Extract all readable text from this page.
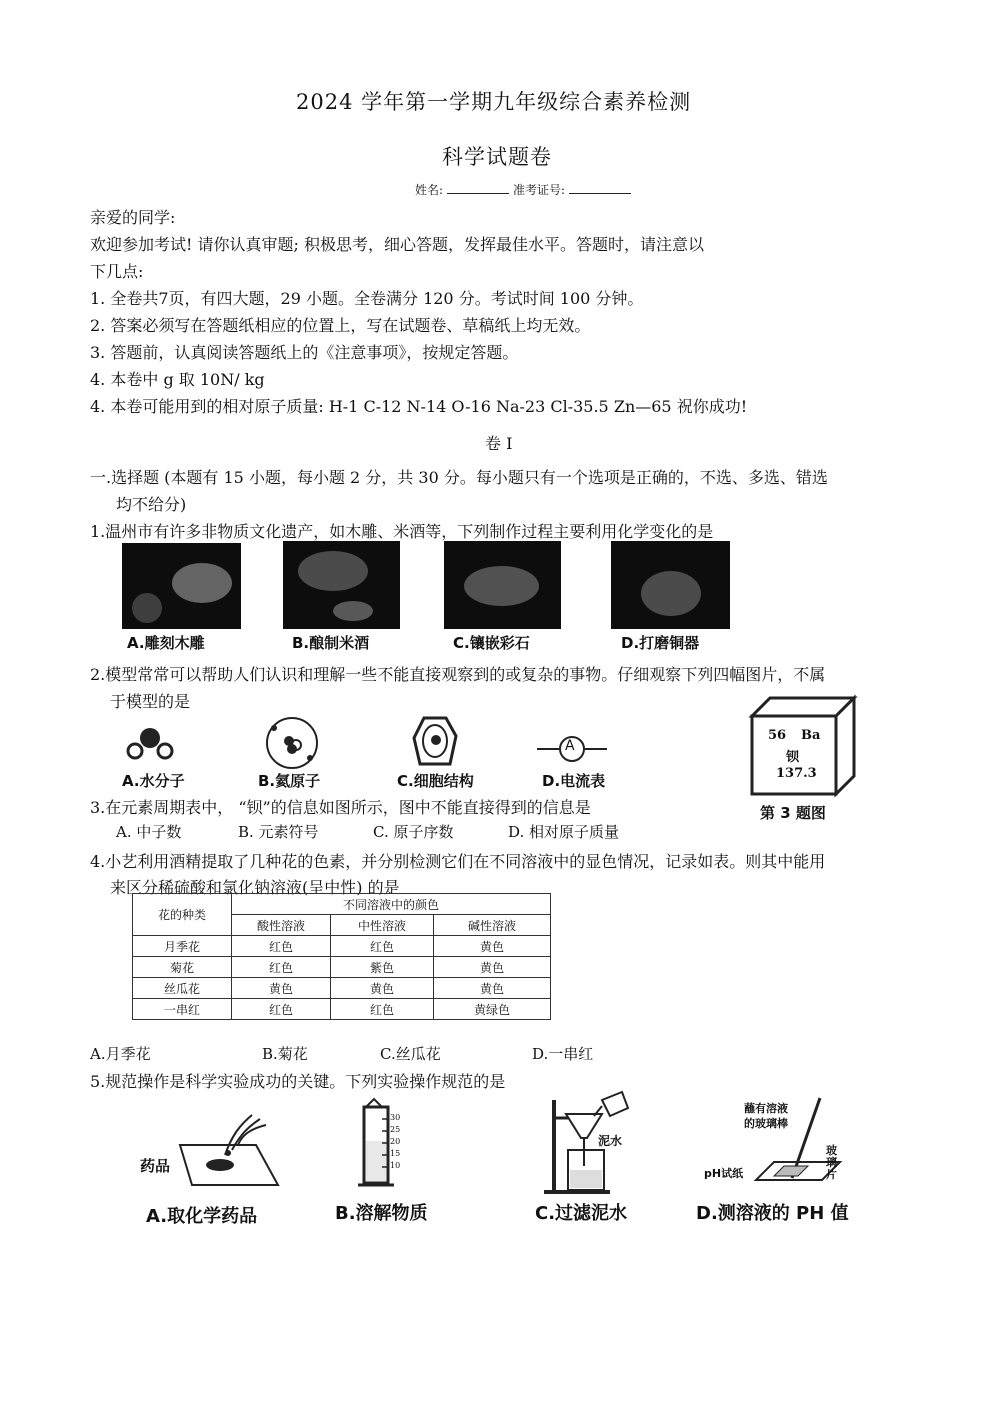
2024 学年第一学期九年级综合素养检测
科学试题卷
姓名:	准考证号:
亲爱的同学:
欢迎参加考试! 请你认真审题; 积极思考，细心答题，发挥最佳水平。答题时，请注意以
下几点:
1. 全卷共7页，有四大题，29 小题。全卷满分 120 分。考试时间 100 分钟。
2. 答案必须写在答题纸相应的位置上，写在试题卷、草稿纸上均无效。
3. 答题前，认真阅读答题纸上的《注意事项》，按规定答题。
4. 本卷中 g 取 10N/ kg
4. 本卷可能用到的相对原子质量: H-1 C-12 N-14 O-16 Na-23 Cl-35.5 Zn—65 祝你成功!
卷 I
一.选择题 (本题有 15 小题，每小题 2 分，共 30 分。每小题只有一个选项是正确的，不选、多选、错选
均不给分)
1.温州市有许多非物质文化遗产，如木雕、米酒等，下列制作过程主要利用化学变化的是
A.雕刻木雕	B.酿制米酒	C.镶嵌彩石	D.打磨铜器
2.模型常常可以帮助人们认识和理解一些不能直接观察到的或复杂的事物。仔细观察下列四幅图片，不属
于模型的是
A
A.水分子	B.氦原子	C.细胞结构	D.电流表
56 Ba
钡
137.3
第 3 题图
3.在元素周期表中， “钡”的信息如图所示，图中不能直接得到的信息是
A. 中子数	B. 元素符号	C. 原子序数	D. 相对原子质量
4.小艺利用酒精提取了几种花的色素，并分别检测它们在不同溶液中的显色情况，记录如表。则其中能用
来区分稀硫酸和氯化钠溶液(呈中性) 的是
花的种类	不同溶液中的颜色		
	酸性溶液	中性溶液	碱性溶液
月季花	红色	红色	黄色
菊花	红色	紫色	黄色
丝瓜花	黄色	黄色	黄色
一串红	红色	红色	黄绿色
A.月季花	B.菊花	C.丝瓜花	D.一串红
5.规范操作是科学实验成功的关键。下列实验操作规范的是
药品
30
25
20
15
10
泥水
蘸有溶液
的玻璃棒
pH试纸
玻璃片
A.取化学药品	B.溶解物质	C.过滤泥水	D.测溶液的 PH 值
